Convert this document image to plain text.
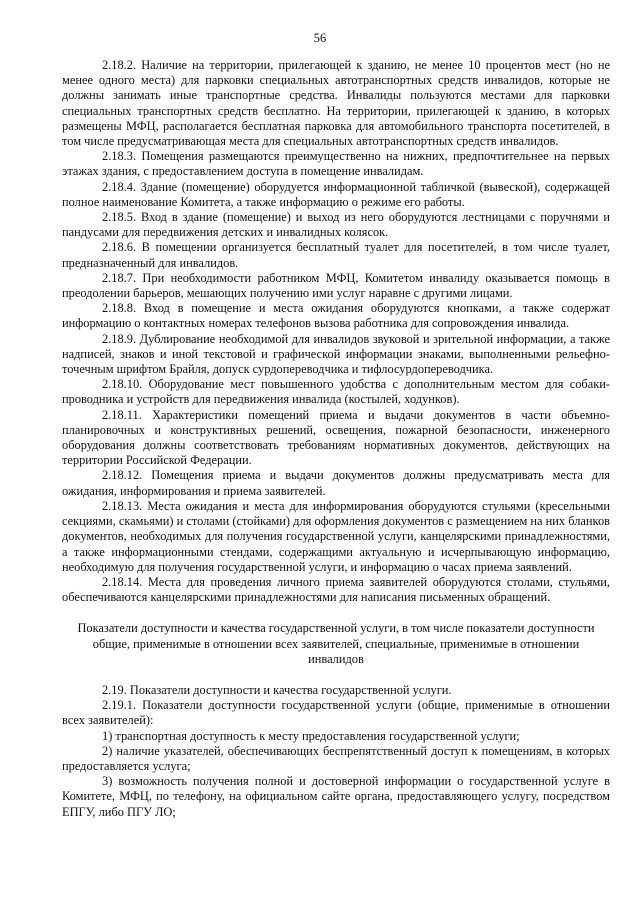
56

2.18.2. Наличие на территории, прилегающей к зданию, не менее 10 процентов мест (но не менее одного места) для парковки специальных автотранспортных средств инвалидов, которые не должны занимать иные транспортные средства. Инвалиды пользуются местами для парковки специальных транспортных средств бесплатно. На территории, прилегающей к зданию, в которых размещены МФЦ, располагается бесплатная парковка для автомобильного транспорта посетителей, в том числе предусматривающая места для специальных автотранспортных средств инвалидов.

2.18.3. Помещения размещаются преимущественно на нижних, предпочтительнее на первых этажах здания, с предоставлением доступа в помещение инвалидам.

2.18.4. Здание (помещение) оборудуется информационной табличкой (вывеской), содержащей полное наименование Комитета, а также информацию о режиме его работы.

2.18.5. Вход в здание (помещение) и выход из него оборудуются лестницами с поручнями и пандусами для передвижения детских и инвалидных колясок.

2.18.6. В помещении организуется бесплатный туалет для посетителей, в том числе туалет, предназначенный для инвалидов.

2.18.7. При необходимости работником МФЦ, Комитетом инвалиду оказывается помощь в преодолении барьеров, мешающих получению ими услуг наравне с другими лицами.

2.18.8. Вход в помещение и места ожидания оборудуются кнопками, а также содержат информацию о контактных номерах телефонов вызова работника для сопровождения инвалида.

2.18.9. Дублирование необходимой для инвалидов звуковой и зрительной информации, а также надписей, знаков и иной текстовой и графической информации знаками, выполненными рельефно-точечным шрифтом Брайля, допуск сурдопереводчика и тифлосурдопереводчика.

2.18.10. Оборудование мест повышенного удобства с дополнительным местом для собаки-проводника и устройств для передвижения инвалида (костылей, ходунков).

2.18.11. Характеристики помещений приема и выдачи документов в части объемно-планировочных и конструктивных решений, освещения, пожарной безопасности, инженерного оборудования должны соответствовать требованиям нормативных документов, действующих на территории Российской Федерации.

2.18.12. Помещения приема и выдачи документов должны предусматривать места для ожидания, информирования и приема заявителей.

2.18.13. Места ожидания и места для информирования оборудуются стульями (кресельными секциями, скамьями) и столами (стойками) для оформления документов с размещением на них бланков документов, необходимых для получения государственной услуги, канцелярскими принадлежностями, а также информационными стендами, содержащими актуальную и исчерпывающую информацию, необходимую для получения государственной услуги, и информацию о часах приема заявлений.

2.18.14. Места для проведения личного приема заявителей оборудуются столами, стульями, обеспечиваются канцелярскими принадлежностями для написания письменных обращений.

Показатели доступности и качества государственной услуги, в том числе показатели доступности общие, применимые в отношении всех заявителей, специальные, применимые в отношении инвалидов

2.19. Показатели доступности и качества государственной услуги.

2.19.1. Показатели доступности государственной услуги (общие, применимые в отношении всех заявителей):

1) транспортная доступность к месту предоставления государственной услуги;

2) наличие указателей, обеспечивающих беспрепятственный доступ к помещениям, в которых предоставляется услуга;

3) возможность получения полной и достоверной информации о государственной услуге в Комитете, МФЦ, по телефону, на официальном сайте органа, предоставляющего услугу, посредством ЕПГУ, либо ПГУ ЛО;
